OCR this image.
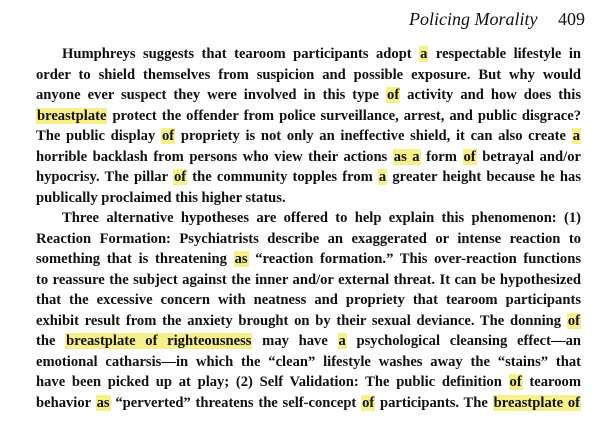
Policing Morality 409
Humphreys suggests that tearoom participants adopt a respectable lifestyle in
order to shield themselves from suspicion and possible exposure. But why would
anyone ever suspect they were involved in this type of activity and how does this
breastplate protect the offender from police surveillance, arrest, and public disgrace?
The public display of propriety is not only an ineffective shield, it can also create a
horrible backlash from persons who view their actions as a form of betrayal and/or
hypocrisy. The pillar of the community topples from a greater height because he has
publically proclaimed this higher status.
Three alternative hypotheses are offered to help explain this phenomenon: (1)
Reaction Formation: Psychiatrists describe an exaggerated or intense reaction to
something that is threatening as “reaction formation.” This over-reaction functions
to reassure the subject against the inner and/or external threat. It can be hypothesized
that the excessive concern with neatness and propriety that tearoom participants
exhibit result from the anxiety brought on by their sexual deviance. The donning of
the breastplate of righteousness may have a psychological cleansing effect—an
emotional catharsis—in which the “clean” lifestyle washes away the “stains” that
have been picked up at play; (2) Self Validation: The public definition of tearoom
behavior as “perverted” threatens the self-concept of participants. The breastplate of
